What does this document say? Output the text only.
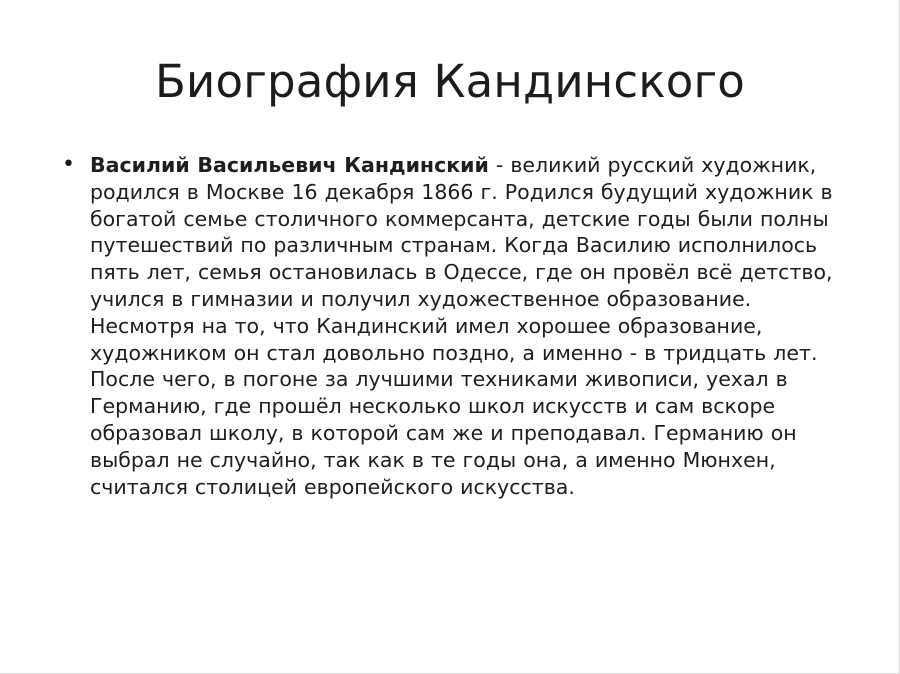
Биография Кандинского
• Василий Васильевич Кандинский - великий русский художник, родился в Москве 16 декабря 1866 г. Родился будущий художник в богатой семье столичного коммерсанта, детские годы были полны путешествий по различным странам. Когда Василию исполнилось пять лет, семья остановилась в Одессе, где он провёл всё детство, учился в гимназии и получил художественное образование. Несмотря на то, что Кандинский имел хорошее образование, художником он стал довольно поздно, а именно - в тридцать лет. После чего, в погоне за лучшими техниками живописи, уехал в Германию, где прошёл несколько школ искусств и сам вскоре образовал школу, в которой сам же и преподавал. Германию он выбрал не случайно, так как в те годы она, а именно Мюнхен, считался столицей европейского искусства.
